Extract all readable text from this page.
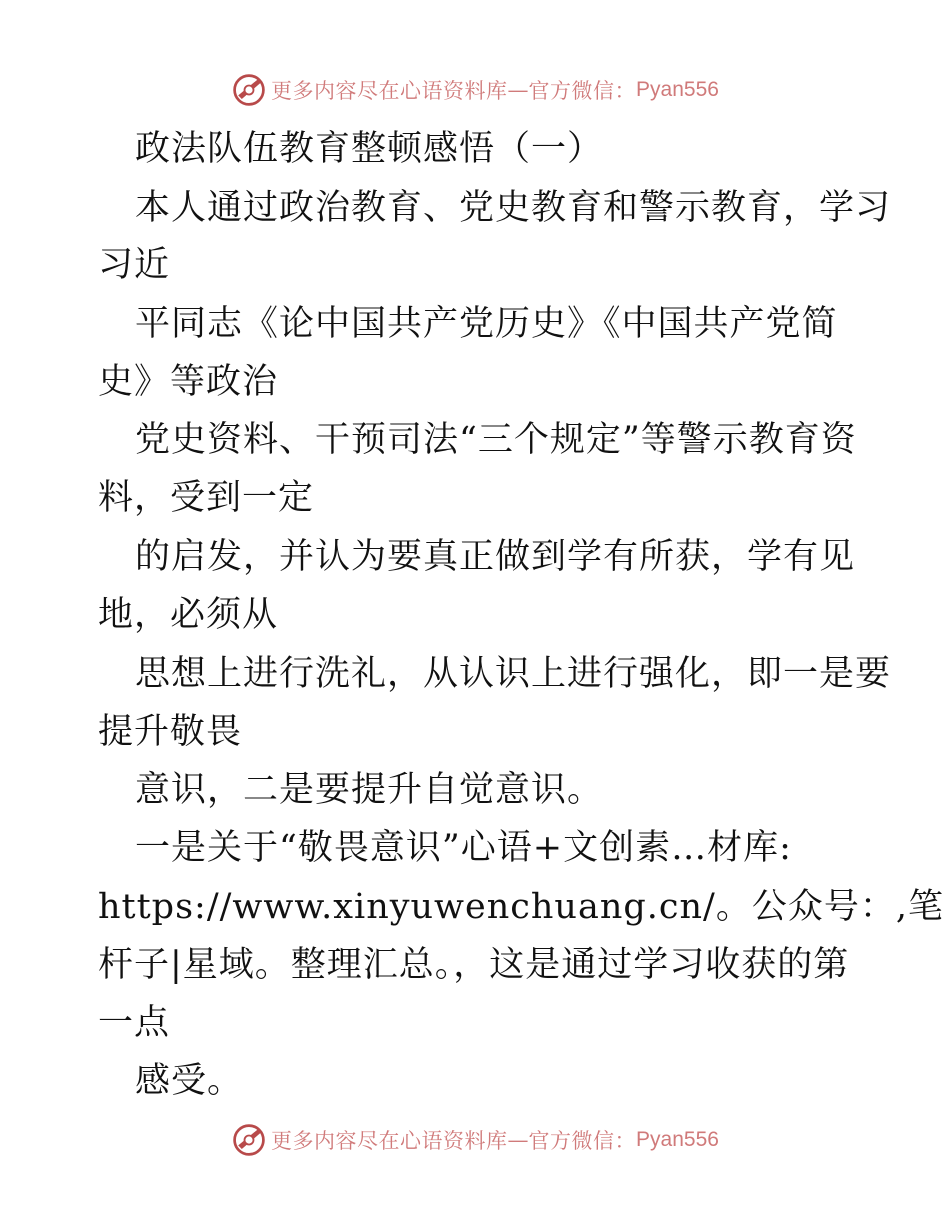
更多内容尽在心语资料库 — 官方微信： Pyan556
政法队伍教育整顿感悟（一）
本人通过政治教育、党史教育和警示教育，学习
习近
平同志《论中国共产党历史》《中国共产党简
史》等政治
党史资料、干预司法“三个规定”等警示教育资
料，受到一定
的启发，并认为要真正做到学有所获，学有见
地，必须从
思想上进行洗礼，从认识上进行强化，即一是要
提升敬畏
意识，二是要提升自觉意识。
一是关于“敬畏意识”心语+文创素…材库:
https://www.xinyuwenchuang.cn/。公众号：,笔
杆子|星域。整理汇总。，这是通过学习收获的第
一点
感受。
更多内容尽在心语资料库 — 官方微信： Pyan556
